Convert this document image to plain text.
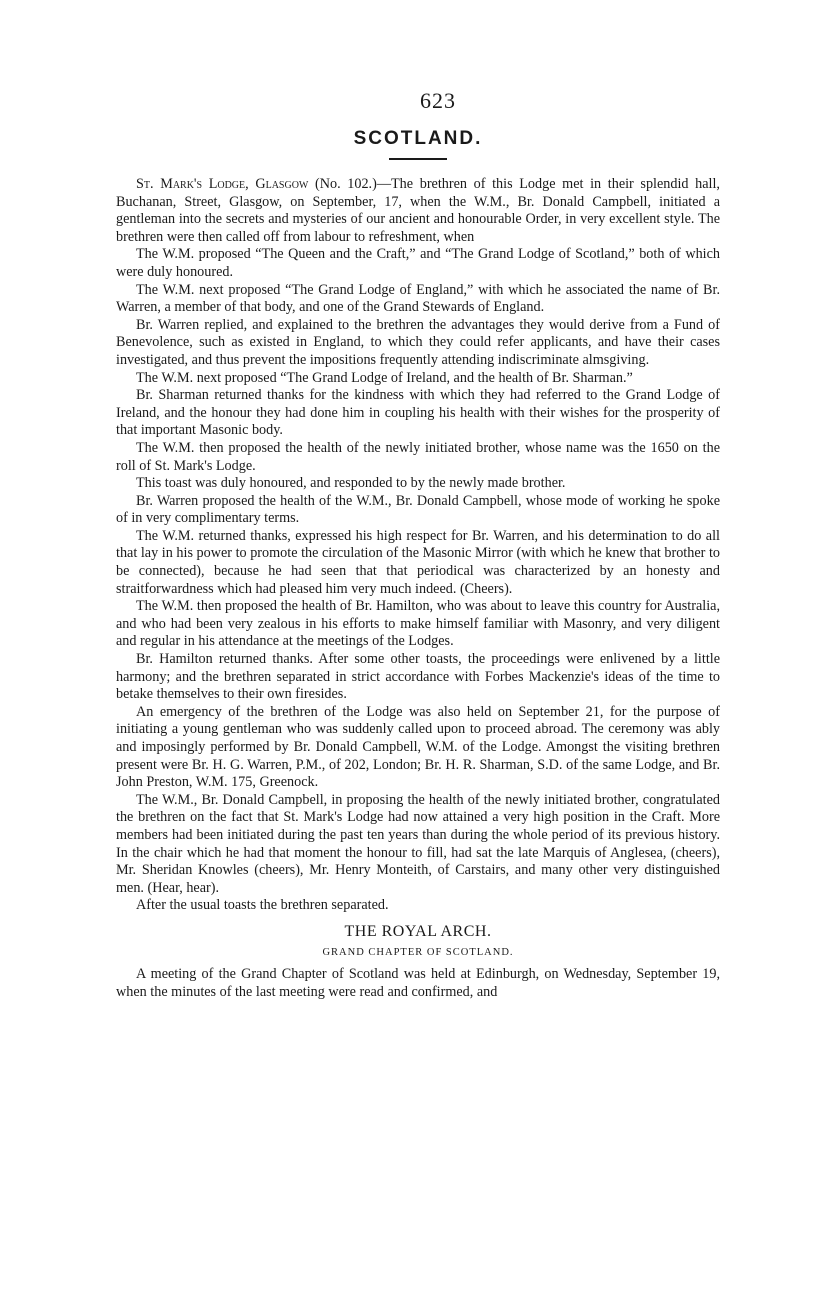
623
SCOTLAND.

St. Mark's Lodge, Glasgow (No. 102.)—The brethren of this Lodge met in their splendid hall, Buchanan, Street, Glasgow, on September, 17, when the W.M., Br. Donald Campbell, initiated a gentleman into the secrets and mysteries of our ancient and honourable Order, in very excellent style. The brethren were then called off from labour to refreshment, when

The W.M. proposed “The Queen and the Craft,” and “The Grand Lodge of Scotland,” both of which were duly honoured.

The W.M. next proposed “The Grand Lodge of England,” with which he associated the name of Br. Warren, a member of that body, and one of the Grand Stewards of England.

Br. Warren replied, and explained to the brethren the advantages they would derive from a Fund of Benevolence, such as existed in England, to which they could refer applicants, and have their cases investigated, and thus prevent the impositions frequently attending indiscriminate almsgiving.

The W.M. next proposed “The Grand Lodge of Ireland, and the health of Br. Sharman.”

Br. Sharman returned thanks for the kindness with which they had referred to the Grand Lodge of Ireland, and the honour they had done him in coupling his health with their wishes for the prosperity of that important Masonic body.

The W.M. then proposed the health of the newly initiated brother, whose name was the 1650 on the roll of St. Mark's Lodge.

This toast was duly honoured, and responded to by the newly made brother.

Br. Warren proposed the health of the W.M., Br. Donald Campbell, whose mode of working he spoke of in very complimentary terms.

The W.M. returned thanks, expressed his high respect for Br. Warren, and his determination to do all that lay in his power to promote the circulation of the Masonic Mirror (with which he knew that brother to be connected), because he had seen that that periodical was characterized by an honesty and straitforwardness which had pleased him very much indeed. (Cheers).

The W.M. then proposed the health of Br. Hamilton, who was about to leave this country for Australia, and who had been very zealous in his efforts to make himself familiar with Masonry, and very diligent and regular in his attendance at the meetings of the Lodges.

Br. Hamilton returned thanks. After some other toasts, the proceedings were enlivened by a little harmony; and the brethren separated in strict accordance with Forbes Mackenzie's ideas of the time to betake themselves to their own firesides.

An emergency of the brethren of the Lodge was also held on September 21, for the purpose of initiating a young gentleman who was suddenly called upon to proceed abroad. The ceremony was ably and imposingly performed by Br. Donald Campbell, W.M. of the Lodge. Amongst the visiting brethren present were Br. H. G. Warren, P.M., of 202, London; Br. H. R. Sharman, S.D. of the same Lodge, and Br. John Preston, W.M. 175, Greenock.

The W.M., Br. Donald Campbell, in proposing the health of the newly initiated brother, congratulated the brethren on the fact that St. Mark's Lodge had now attained a very high position in the Craft. More members had been initiated during the past ten years than during the whole period of its previous history. In the chair which he had that moment the honour to fill, had sat the late Marquis of Anglesea, (cheers), Mr. Sheridan Knowles (cheers), Mr. Henry Monteith, of Carstairs, and many other very distinguished men. (Hear, hear).

After the usual toasts the brethren separated.

THE ROYAL ARCH.
GRAND CHAPTER OF SCOTLAND.

A meeting of the Grand Chapter of Scotland was held at Edinburgh, on Wednesday, September 19, when the minutes of the last meeting were read and confirmed, and
